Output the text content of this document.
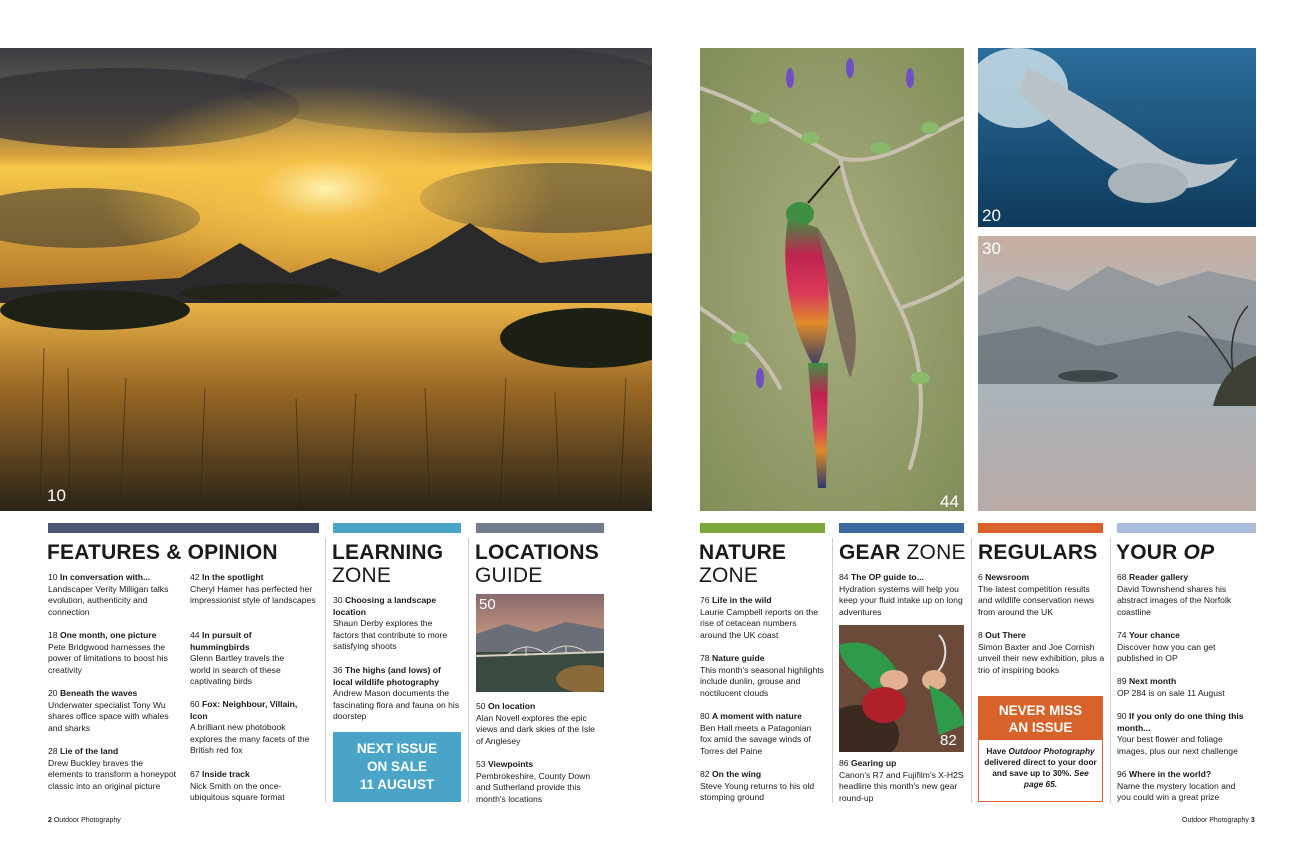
10	44
20
30
FEATURES & OPINION	LEARNING
ZONE
LOCATIONS
GUIDE
NATURE
ZONE
GEAR ZONE REGULARS YOUR OP
10 In conversation with...
Landscaper Verity Milligan talks evolution, authenticity and connection
18 One month, one picture
Pete Bridgwood harnesses the power of limitations to boost his creativity
20 Beneath the waves
Underwater specialist Tony Wu shares office space with whales and sharks
28 Lie of the land
Drew Buckley braves the elements to transform a honeypot classic into an original picture
42 In the spotlight
Cheryl Hamer has perfected her impressionist style of landscapes
44 In pursuit of hummingbirds
Glenn Bartley travels the world in search of these captivating birds
60 Fox: Neighbour, Villain, Icon
A brilliant new photobook explores the many facets of the British red fox
67 Inside track
Nick Smith on the once-ubiquitous square format
30 Choosing a landscape location
Shaun Derby explores the factors that contribute to more satisfying shoots
36 The highs (and lows) of local wildlife photography
Andrew Mason documents the fascinating flora and fauna on his doorstep
NEXT ISSUE
ON SALE
11 AUGUST
50
50 On location
Alan Novell explores the epic views and dark skies of the Isle of Anglesey
53 Viewpoints
Pembrokeshire, County Down and Sutherland provide this month's locations
76 Life in the wild
Laurie Campbell reports on the rise of cetacean numbers around the UK coast
78 Nature guide
This month's seasonal highlights include dunlin, grouse and noctilucent clouds
80 A moment with nature
Ben Hall meets a Patagonian fox amid the savage winds of Torres del Paine
82 On the wing
Steve Young returns to his old stomping ground
84 The OP guide to...
Hydration systems will help you keep your fluid intake up on long adventures
82
86 Gearing up
Canon's R7 and Fujifilm's X-H2S headline this month's new gear round-up
6 Newsroom
The latest competition results and wildlife conservation news from around the UK
8 Out There
Simon Baxter and Joe Cornish unveil their new exhibition, plus a trio of inspiring books
NEVER MISS
AN ISSUE
Have Outdoor Photography delivered direct to your door and save up to 30%. See page 65.
68 Reader gallery
David Townshend shares his abstract images of the Norfolk coastline
74 Your chance
Discover how you can get published in OP
89 Next month
OP 284 is on sale 11 August
90 If you only do one thing this month...
Your best flower and foliage images, plus our next challenge
96 Where in the world?
Name the mystery location and you could win a great prize
2 Outdoor Photography	Outdoor Photography 3
